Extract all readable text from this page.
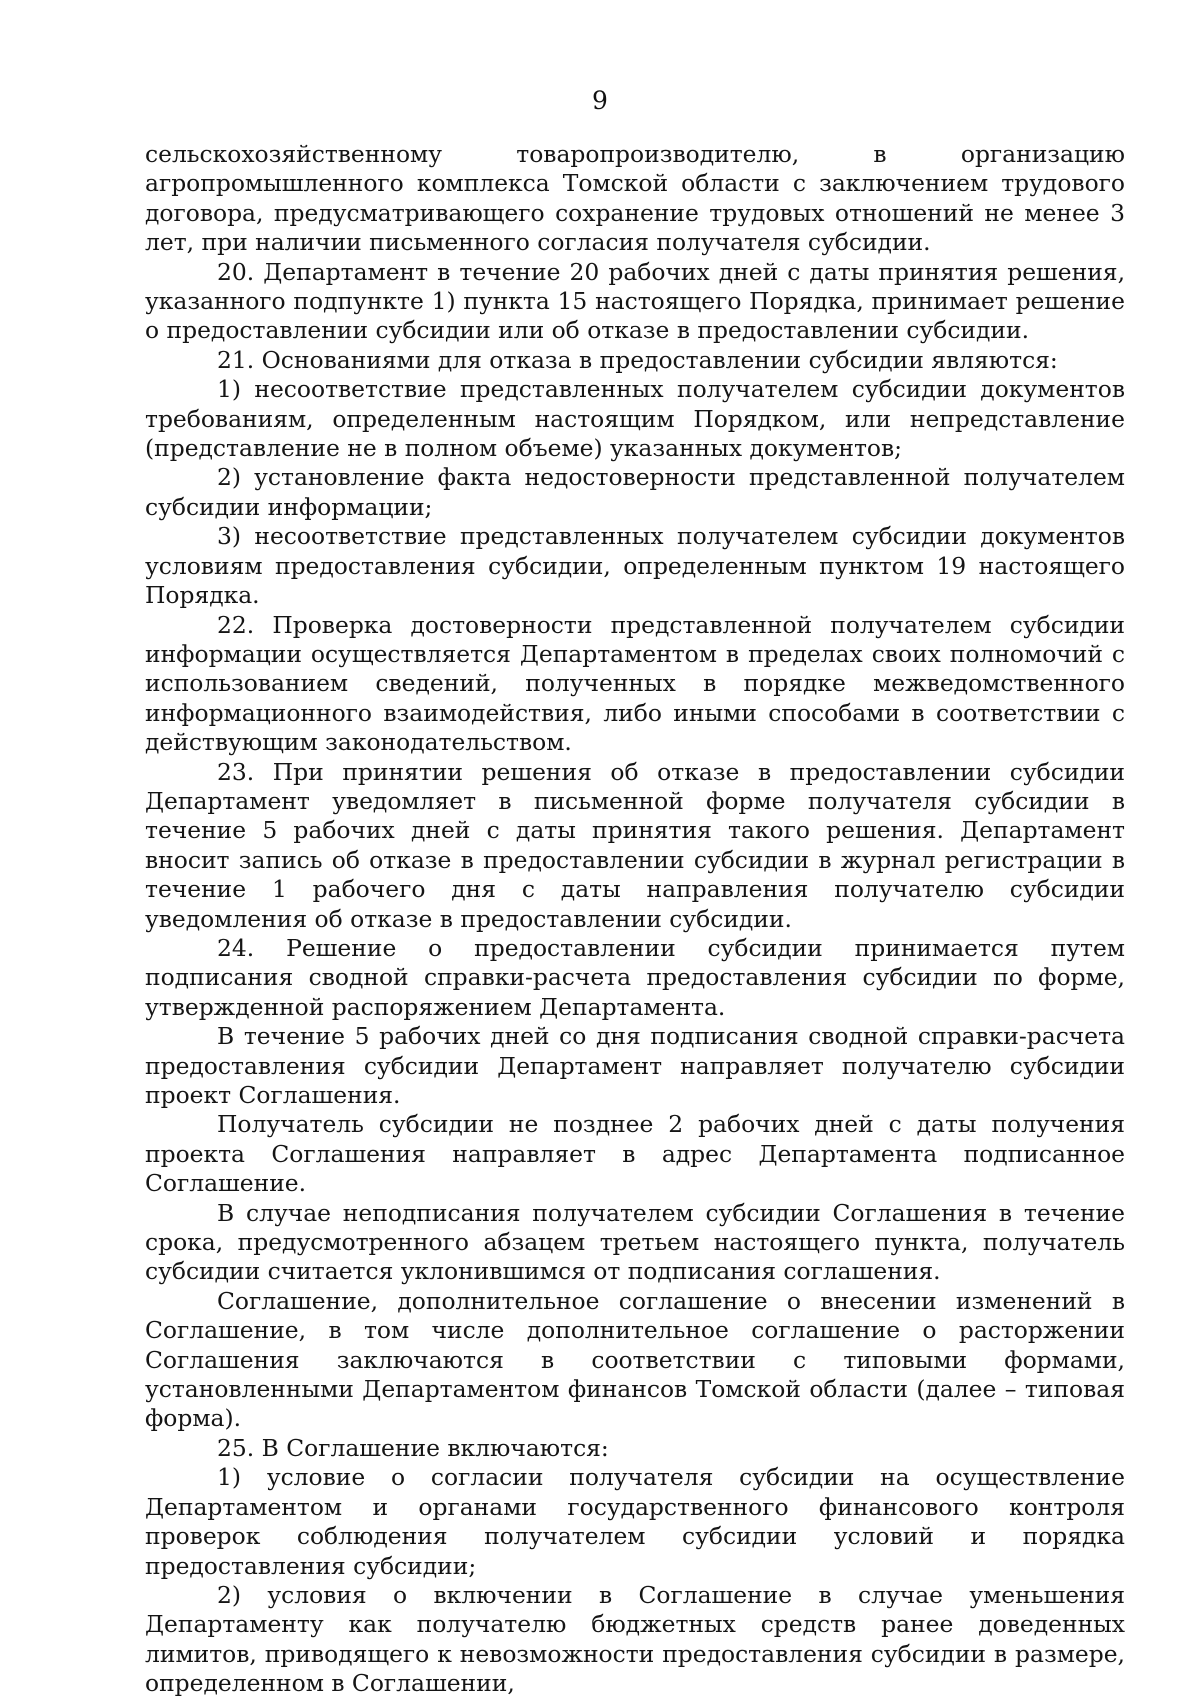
9

сельскохозяйственному товаропроизводителю, в организацию агропромышленного комплекса Томской области с заключением трудового договора, предусматривающего сохранение трудовых отношений не менее 3 лет, при наличии письменного согласия получателя субсидии.

20. Департамент в течение 20 рабочих дней с даты принятия решения, указанного подпункте 1) пункта 15 настоящего Порядка, принимает решение о предоставлении субсидии или об отказе в предоставлении субсидии.

21. Основаниями для отказа в предоставлении субсидии являются:

1) несоответствие представленных получателем субсидии документов требованиям, определенным настоящим Порядком, или непредставление (представление не в полном объеме) указанных документов;

2) установление факта недостоверности представленной получателем субсидии информации;

3) несоответствие представленных получателем субсидии документов условиям предоставления субсидии, определенным пунктом 19 настоящего Порядка.

22. Проверка достоверности представленной получателем субсидии информации осуществляется Департаментом в пределах своих полномочий с использованием сведений, полученных в порядке межведомственного информационного взаимодействия, либо иными способами в соответствии с действующим законодательством.

23. При принятии решения об отказе в предоставлении субсидии Департамент уведомляет в письменной форме получателя субсидии в течение 5 рабочих дней с даты принятия такого решения. Департамент вносит запись об отказе в предоставлении субсидии в журнал регистрации в течение 1 рабочего дня с даты направления получателю субсидии уведомления об отказе в предоставлении субсидии.

24. Решение о предоставлении субсидии принимается путем подписания сводной справки-расчета предоставления субсидии по форме, утвержденной распоряжением Департамента.

В течение 5 рабочих дней со дня подписания сводной справки-расчета предоставления субсидии Департамент направляет получателю субсидии проект Соглашения.

Получатель субсидии не позднее 2 рабочих дней с даты получения проекта Соглашения направляет в адрес Департамента подписанное Соглашение.

В случае неподписания получателем субсидии Соглашения в течение срока, предусмотренного абзацем третьем настоящего пункта, получатель субсидии считается уклонившимся от подписания соглашения.

Соглашение, дополнительное соглашение о внесении изменений в Соглашение, в том числе дополнительное соглашение о расторжении Соглашения заключаются в соответствии с типовыми формами, установленными Департаментом финансов Томской области (далее – типовая форма).

25. В Соглашение включаются:

1) условие о согласии получателя субсидии на осуществление Департаментом и органами государственного финансового контроля проверок соблюдения получателем субсидии условий и порядка предоставления субсидии;

2) условия о включении в Соглашение в случае уменьшения Департаменту как получателю бюджетных средств ранее доведенных лимитов, приводящего к невозможности предоставления субсидии в размере, определенном в Соглашении,
